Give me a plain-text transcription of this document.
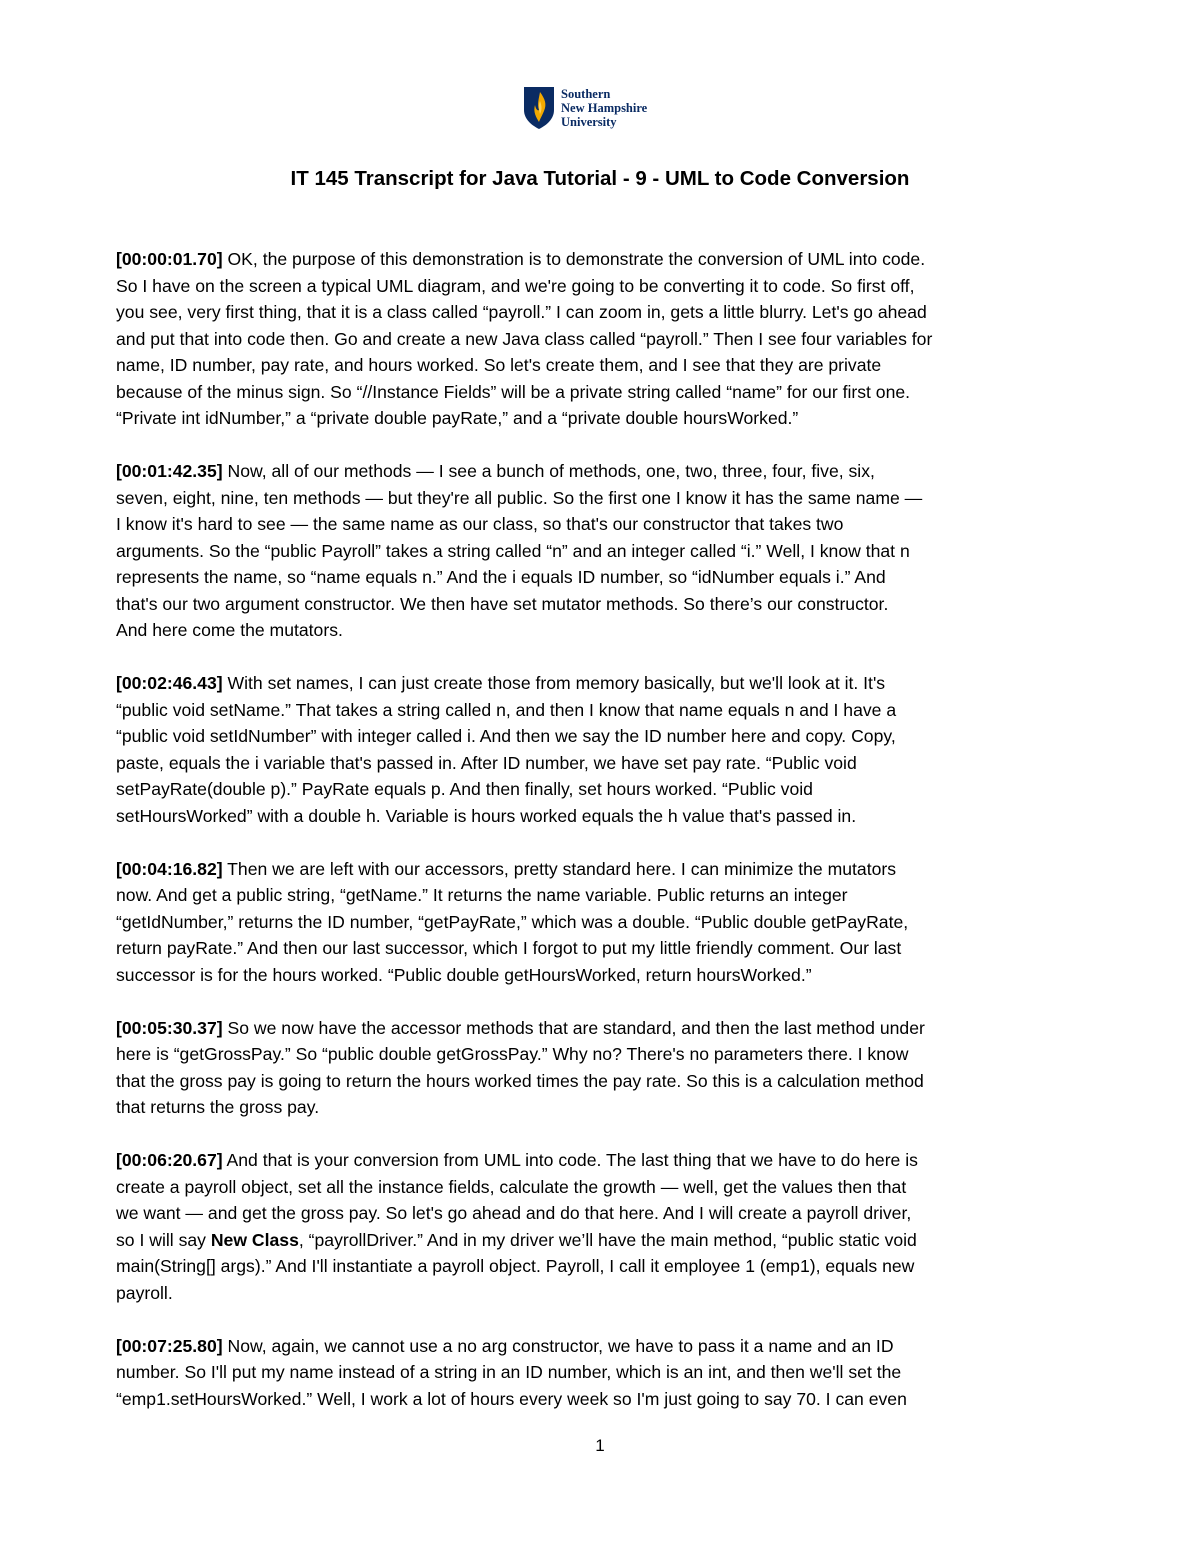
Southern
New Hampshire
University
IT 145 Transcript for Java Tutorial - 9 - UML to Code Conversion

[00:00:01.70] OK, the purpose of this demonstration is to demonstrate the conversion of UML into code.
So I have on the screen a typical UML diagram, and we're going to be converting it to code. So first off,
you see, very first thing, that it is a class called “payroll.” I can zoom in, gets a little blurry. Let's go ahead
and put that into code then. Go and create a new Java class called “payroll.” Then I see four variables for
name, ID number, pay rate, and hours worked. So let's create them, and I see that they are private
because of the minus sign. So “//Instance Fields” will be a private string called “name” for our first one.
“Private int idNumber,” a “private double payRate,” and a “private double hoursWorked.”

[00:01:42.35] Now, all of our methods — I see a bunch of methods, one, two, three, four, five, six,
seven, eight, nine, ten methods — but they're all public. So the first one I know it has the same name —
I know it's hard to see — the same name as our class, so that's our constructor that takes two
arguments. So the “public Payroll” takes a string called “n” and an integer called “i.” Well, I know that n
represents the name, so “name equals n.” And the i equals ID number, so “idNumber equals i.” And
that's our two argument constructor. We then have set mutator methods. So there’s our constructor.
And here come the mutators.

[00:02:46.43] With set names, I can just create those from memory basically, but we'll look at it. It's
“public void setName.” That takes a string called n, and then I know that name equals n and I have a
“public void setIdNumber” with integer called i. And then we say the ID number here and copy. Copy,
paste, equals the i variable that's passed in. After ID number, we have set pay rate. “Public void
setPayRate(double p).” PayRate equals p. And then finally, set hours worked. “Public void
setHoursWorked” with a double h. Variable is hours worked equals the h value that's passed in.

[00:04:16.82] Then we are left with our accessors, pretty standard here. I can minimize the mutators
now. And get a public string, “getName.” It returns the name variable. Public returns an integer
“getIdNumber,” returns the ID number, “getPayRate,” which was a double. “Public double getPayRate,
return payRate.” And then our last successor, which I forgot to put my little friendly comment. Our last
successor is for the hours worked. “Public double getHoursWorked, return hoursWorked.”

[00:05:30.37] So we now have the accessor methods that are standard, and then the last method under
here is “getGrossPay.” So “public double getGrossPay.” Why no? There's no parameters there. I know
that the gross pay is going to return the hours worked times the pay rate. So this is a calculation method
that returns the gross pay.

[00:06:20.67] And that is your conversion from UML into code. The last thing that we have to do here is
create a payroll object, set all the instance fields, calculate the growth — well, get the values then that
we want — and get the gross pay. So let's go ahead and do that here. And I will create a payroll driver,
so I will say New Class, “payrollDriver.” And in my driver we’ll have the main method, “public static void
main(String[] args).” And I'll instantiate a payroll object. Payroll, I call it employee 1 (emp1), equals new
payroll.

[00:07:25.80] Now, again, we cannot use a no arg constructor, we have to pass it a name and an ID
number. So I'll put my name instead of a string in an ID number, which is an int, and then we'll set the
“emp1.setHoursWorked.” Well, I work a lot of hours every week so I'm just going to say 70. I can even

1
